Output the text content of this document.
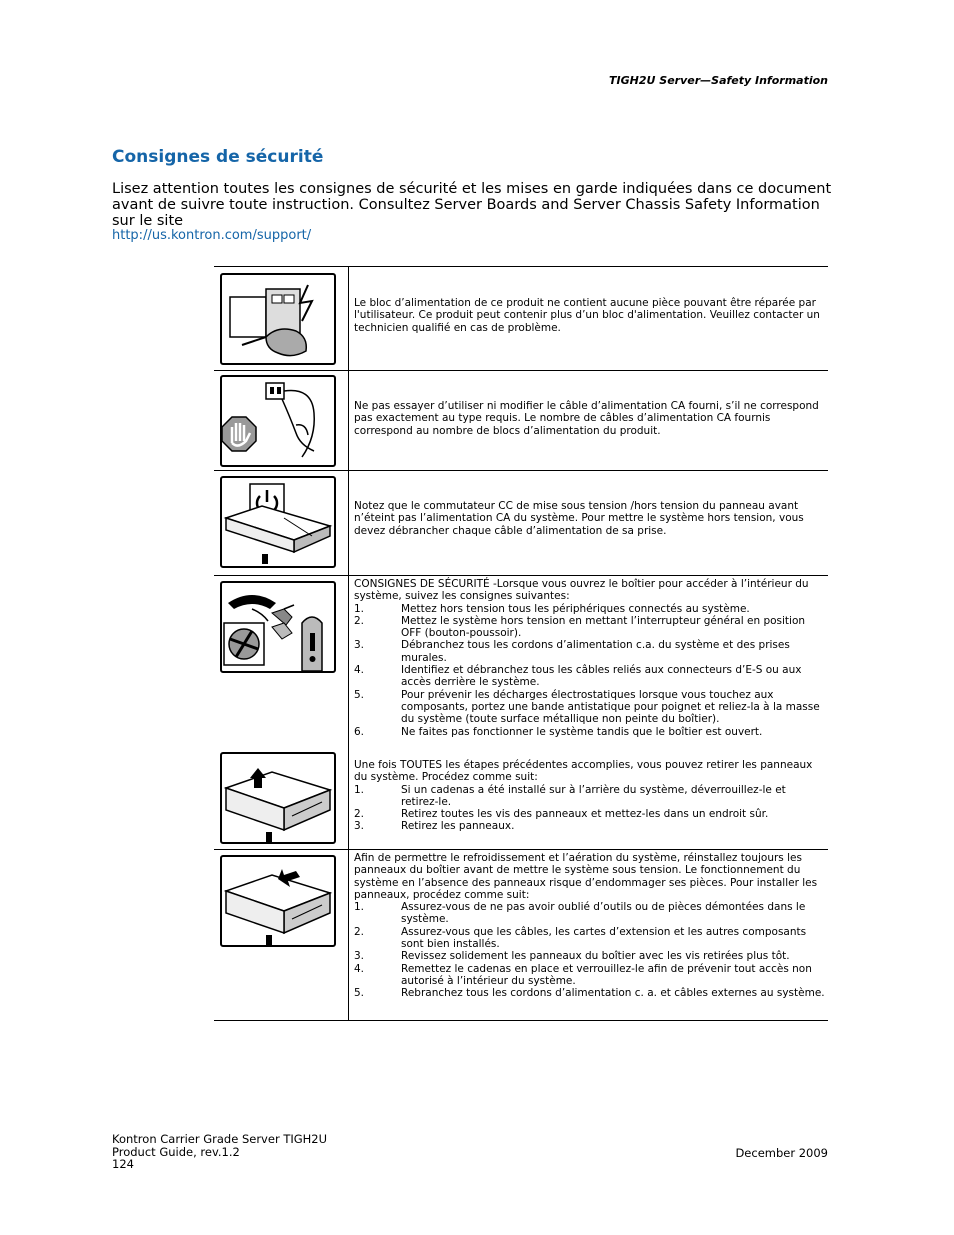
TIGH2U Server—Safety Information
Consignes de sécurité

Lisez attention toutes les consignes de sécurité et les mises en garde indiquées dans ce document avant de suivre toute instruction. Consultez Server Boards and Server Chassis Safety Information sur le site

http://us.kontron.com/support/
Le bloc d’alimentation de ce produit ne contient aucune pièce pouvant être réparée par l'utilisateur. Ce produit peut contenir plus d’un bloc d'alimentation. Veuillez contacter un technicien qualifié en cas de problème.
Ne pas essayer d’utiliser ni modifier le câble d’alimentation CA fourni, s’il ne correspond pas exactement au type requis. Le nombre de câbles d’alimentation CA fournis correspond au nombre de blocs d’alimentation du produit.
Notez que le commutateur CC de mise sous tension /hors tension du panneau avant n’éteint pas l’alimentation CA du système. Pour mettre le système hors tension, vous devez débrancher chaque câble d’alimentation de sa prise.
CONSIGNES DE SÉCURITÉ -Lorsque vous ouvrez le boîtier pour accéder à l’intérieur du système, suivez les consignes suivantes:
1.	Mettez hors tension tous les périphériques connectés au système.
2.	Mettez le système hors tension en mettant l’interrupteur général en position OFF (bouton-poussoir).
3.	Débranchez tous les cordons d’alimentation c.a. du système et des prises murales.
4.	Identifiez et débranchez tous les câbles reliés aux connecteurs d’E-S ou aux accès derrière le système.
5.	Pour prévenir les décharges électrostatiques lorsque vous touchez aux composants, portez une bande antistatique pour poignet et reliez-la à la masse du système (toute surface métallique non peinte du boîtier).
6.	Ne faites pas fonctionner le système tandis que le boîtier est ouvert.
Une fois TOUTES les étapes précédentes accomplies, vous pouvez retirer les panneaux du système. Procédez comme suit:
1.	Si un cadenas a été installé sur à l’arrière du système, déverrouillez-le et retirez-le.
2.	Retirez toutes les vis des panneaux et mettez-les dans un endroit sûr.
3.	Retirez les panneaux.
Afin de permettre le refroidissement et l’aération du système, réinstallez toujours les panneaux du boîtier avant de mettre le système sous tension. Le fonctionnement du système en l’absence des panneaux risque d’endommager ses pièces. Pour installer les panneaux, procédez comme suit:
1.	Assurez-vous de ne pas avoir oublié d’outils ou de pièces démontées dans le système.
2.	Assurez-vous que les câbles, les cartes d’extension et les autres composants sont bien installés.
3.	Revissez solidement les panneaux du boîtier avec les vis retirées plus tôt.
4.	Remettez le cadenas en place et verrouillez-le afin de prévenir tout accès non autorisé à l’intérieur du système.
5.	Rebranchez tous les cordons d’alimentation c. a. et câbles externes au système.
Kontron Carrier Grade Server TIGH2U
Product Guide, rev.1.2
124
December 2009
